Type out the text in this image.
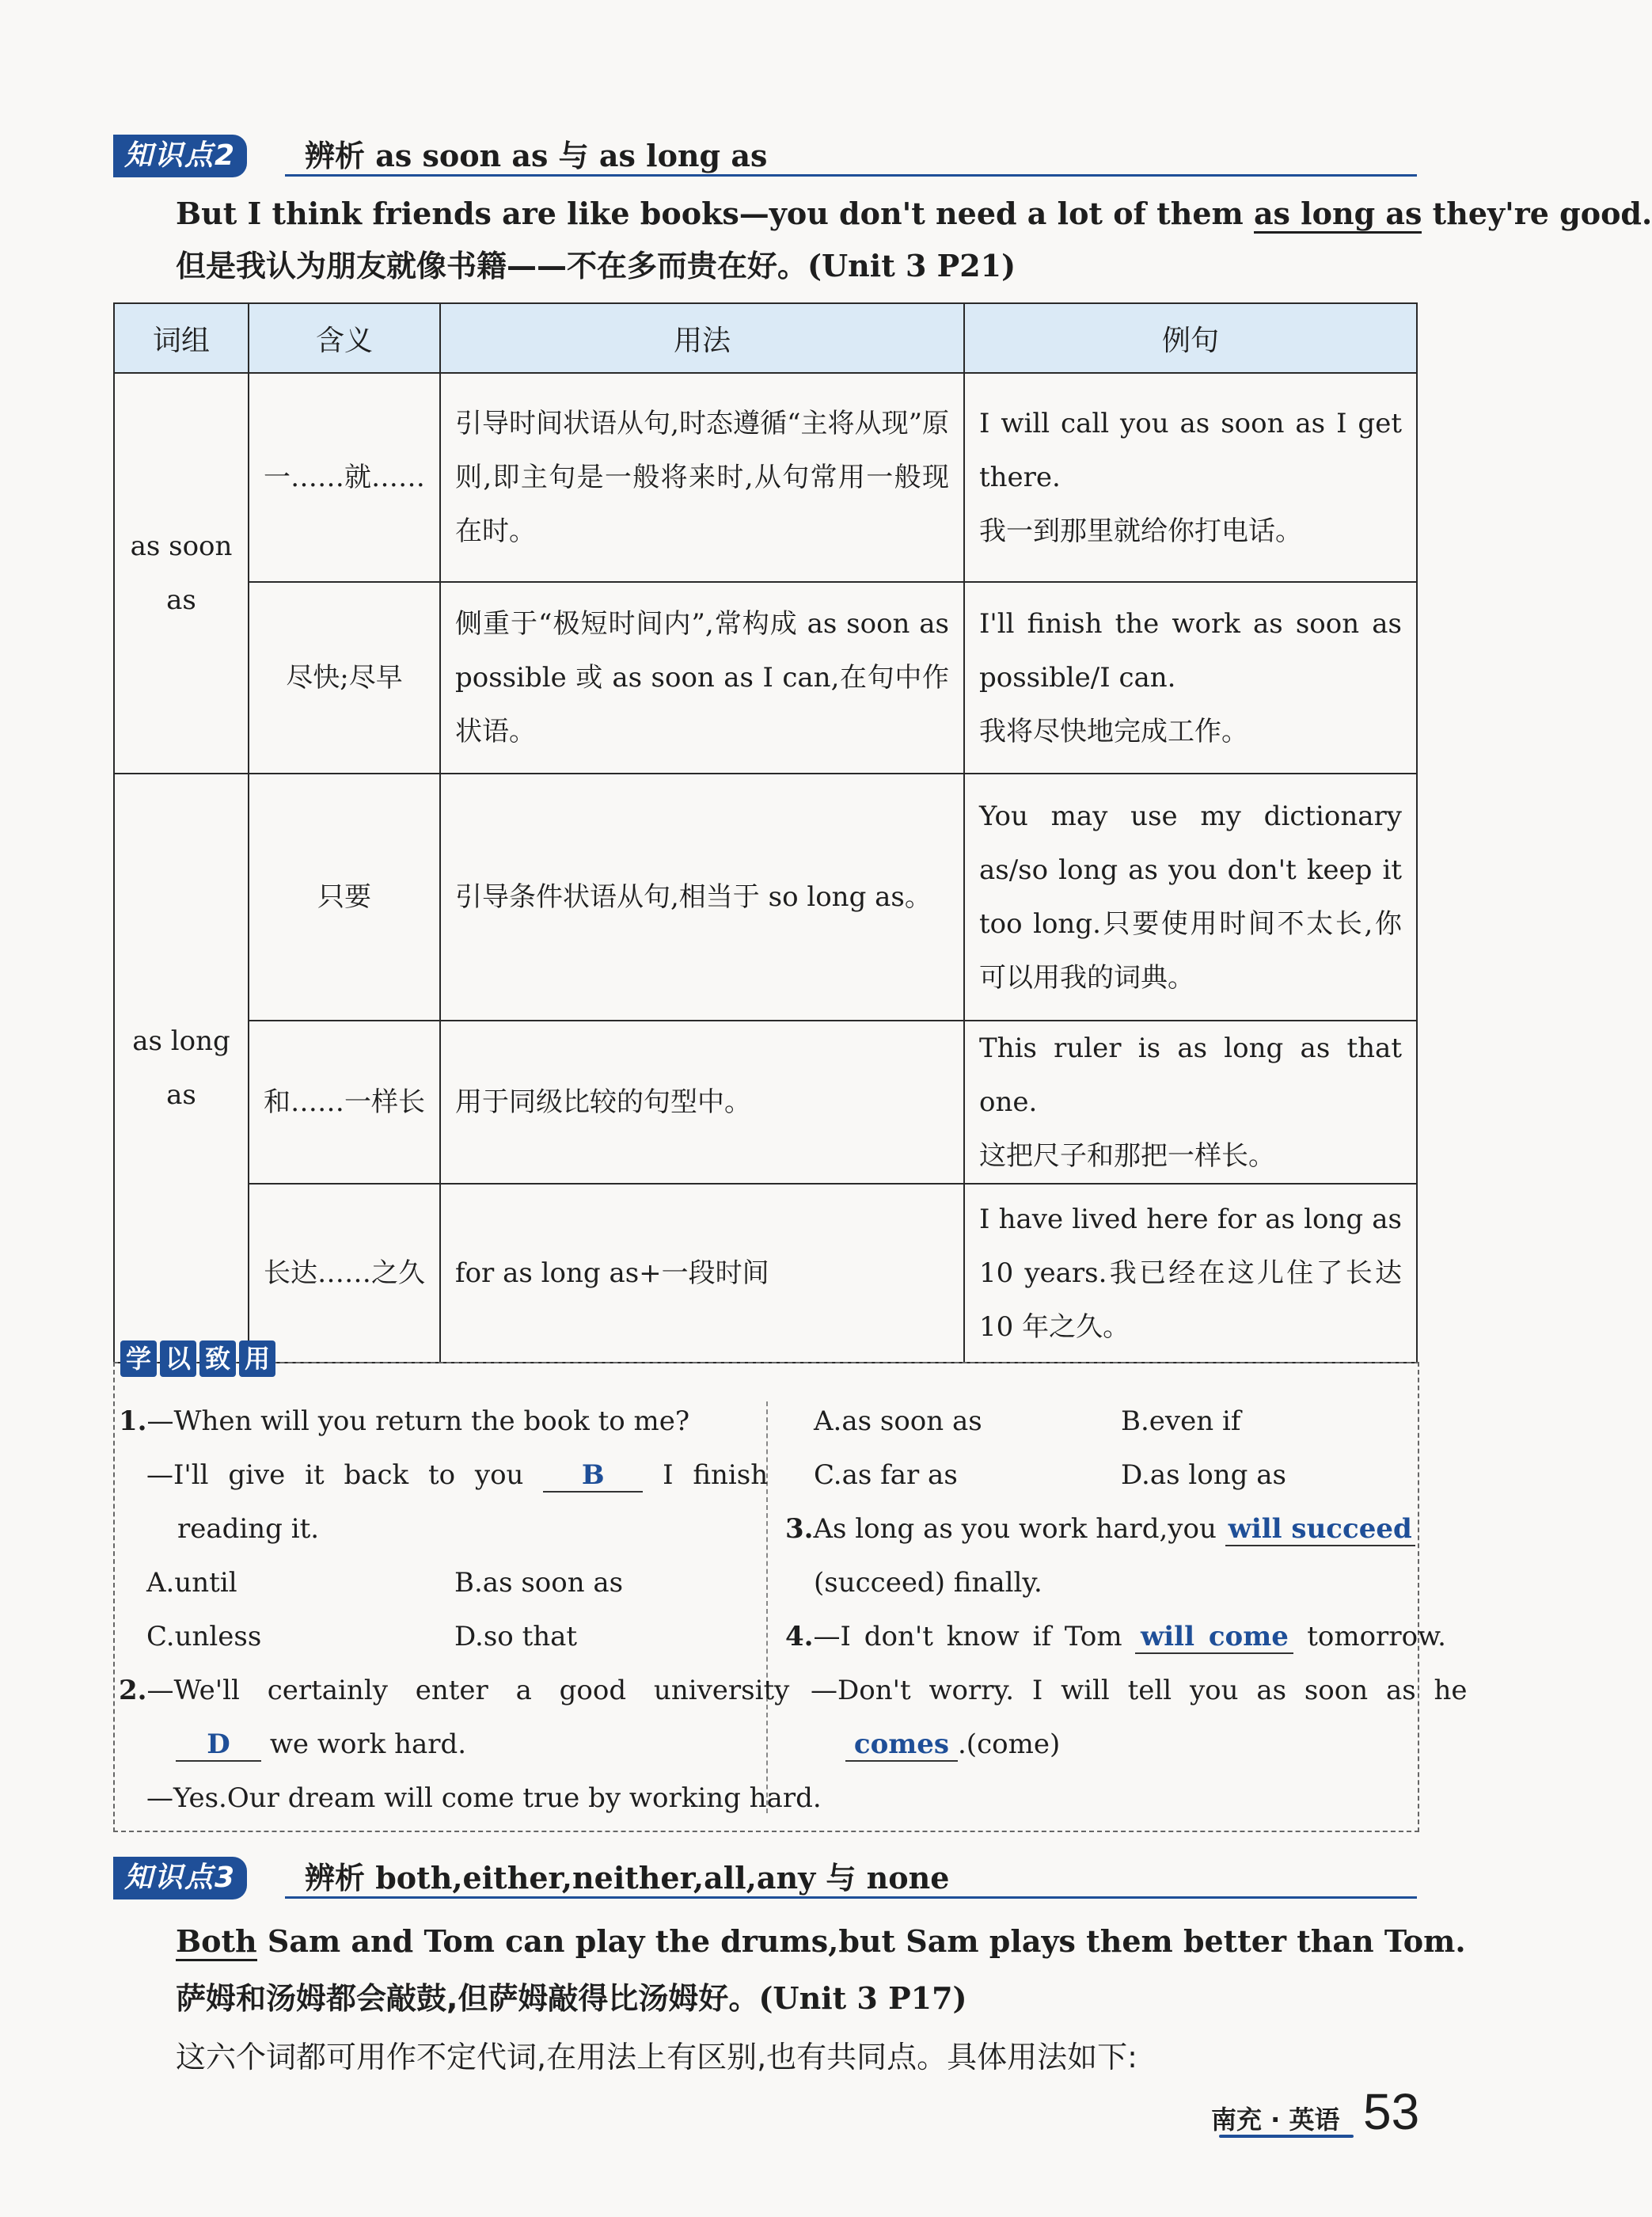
知识点2	辨析 as soon as 与 as long as
But I think friends are like books—you don't need a lot of them as long as they're good.
但是我认为朋友就像书籍——不在多而贵在好。(Unit 3 P21)
词组	含义	用法	例句
as soon as	一……就……	引导时间状语从句,时态遵循“主将从现”原则,即主句是一般将来时,从句常用一般现在时。	I will call you as soon as I get there.
我一到那里就给你打电话。
	尽快;尽早	侧重于“极短时间内”,常构成 as soon as possible 或 as soon as I can,在句中作状语。	I'll finish the work as soon as possible/I can.
我将尽快地完成工作。
as long as	只要	引导条件状语从句,相当于 so long as。	You may use my dictionary as/so long as you don't keep it too long.只要使用时间不太长,你可以用我的词典。
	和……一样长	用于同级比较的句型中。	This ruler is as long as that one.
这把尺子和那把一样长。
	长达……之久	for as long as+一段时间	I have lived here for as long as 10 years.我已经在这儿住了长达 10 年之久。
学 以 致 用
1.—When will you return the book to me?
—I'll give it back to you B I finish
reading it.
A.until	B.as soon as
C.unless	D.so that
2.—We'll certainly enter a good university
D we work hard.
—Yes.Our dream will come true by working hard.
A.as soon as	B.even if
C.as far as	D.as long as
3.As long as you work hard,you will succeed
(succeed) finally.
4.—I don't know if Tom will come tomorrow.
—Don't worry. I will tell you as soon as he
comes .(come)
知识点3	辨析 both,either,neither,all,any 与 none
Both Sam and Tom can play the drums,but Sam plays them better than Tom.
萨姆和汤姆都会敲鼓,但萨姆敲得比汤姆好。(Unit 3 P17)
这六个词都可用作不定代词,在用法上有区别,也有共同点。具体用法如下:
南充 · 英语 53
